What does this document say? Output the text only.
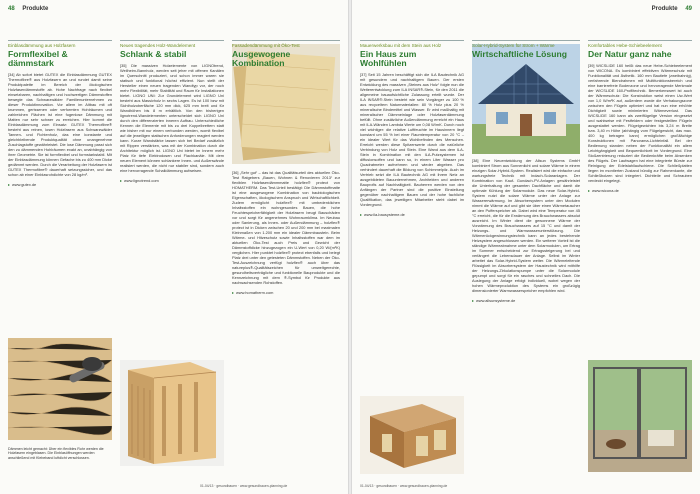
48 Produkte
Einblasdämmung aus Holzfasern
Formflexibel & dämmstark
[34] Ab sofort bietet GUTEX die Einblasdämmung GUTEX Thermofibre® aus Holzfasern an und rundet damit seine Produktpalette im Bereich der ökologischen Holzfaserdämmstoffe ab. Hohe Nachfrage nach flexibel einsetzbaren, nachhaltigen und hochwertigen Dämmstoffen bewegte das Schwarzwälder Familienunternehmen zu dieser Produktinnovation. Vor allem im Altbau mit oft krummen, gerissenen oder verformten Hohlräumen und zahlreichen Flächen ist eine fugenlose Dämmung mit Matten nur sehr schwer zu erreichen. Hier kommt die Einblasdämmung zum Einsatz: GUTEX Thermofibre® besteht aus reinen, losen Holzfasern aus Schwarzwälder Tannen- und Fichtenholz, das eine konstante und gleichbleibende Produktqualität ohne unangenehme Zuschlagstoffe gewährleistet. Die lose Dämmung passt sich den zu dämmenden Hohlräumen exakt an, unabhängig von ihrer Geometrie. Sie ist formflexibel und formstarkstabil. Mit der Einblasdämmung können Gefache bis zu 400 mm Dicke gedämmt werden. Durch die Verarbeitung der Holzfasern ist GUTEX Thermofibre® dauerhaft setzungssicher, und das schon ab einer Einblasrohdichte von 28 kg/m³.
▸ www.gutex.de
Dämmen leicht gemacht: Über ein flexibles Rohr werden die Holzfasern eingeblasen. Die Einblasöffnungen werden anschließend mit Klebeband luftdicht verschlossen.
Neues tragendes Holz-Wandelement
Schlank & stabil
[35] Die massiven Holzelemente von LIGNOtrend, Weilheim-Bannholz, werden seit jeher mit offenen Kanälen im Querschnitt produziert, und schon immer waren sie statisch und funktional höchst effizient. Nun stellt der Hersteller einen neuen tragenden Wandtyp vor, der noch mehr Flexibilität, mehr Stabilität und Raum für Installationen bietet. LIGNO UNI: Zur Grundelement wird LIGNO Uni besteht aus Massivholz in sechs Lagen. Es ist 100 bzw mit Sichtholzoberfläche 120 mm dick, 625 mm breit und für Wandhöhen bis 8 m erhältlich. Von den bisherigen lignotrend-Wandelementen unterscheidet sich LIGNO Uni durch den differenzierten inneren Aufbau. Unterschiedliche Kennen die Elemente mit bis zu drei Koppelbrettern statt wie bisher mit nur einem verbunden werden, womit flexibel auf die jeweiligen statischen Anforderungen reagiert werden kann. Kurze Wandstärke lassen sich bei Bedarf zusätzlich mit Rippen verstärken, was mit der Kombination durch die Architektur möglich ist. LIGNO Uni bietet im Innern mehr Platz für tiefe Elektrodosen und Flachkanäle. Mit dem neuen Element können schlankere Innen- und Außenwände realisiert werden, die nicht nur stabiler sind, sondern auch eine hervorragende Schalldämmung aufweisen.
▸ www.lignotrend.com
Fassadendämmung mit Öko-Test
Ausgewogene Kombination
[36] „Sehr gut“ – das ist das Qualitätsurteil des aktuellen Öko-Test Ratgebers „Bauen, Wohnen & Renovieren 2013“ zur flexiblen Holzfaserdämmmatte holzflex® protect von HOMATHERM. Das Test-Urteil bestätigt: Die Dämmstoffmatte ist eine ausgewogene Kombination von baubiologischen Eigenschaften, ökologischem Anspruch und Wirtschaftlichkeit. Zudem ermöglicht holzflex® mit umbedenklichen Inhaltsstoffen ein wohngesundes Bauen, die hohe Feuchtespeicherfähigkeit der Holzfasern beugt Bauschäden vor und sorgt für angenehmes Wohnraumklima. Im Neubau oder Sanierung, als Innen- oder Außendämmung – holzflex® protect ist in Dicken zwischen 20 und 200 mm bei maximalen Kleinmaßen von 1.200 mm ein idealer Dämmbaustein. Beim Wärme- und Hitzeschutz sowie Inhaltsstoffen war dem im aktuellen Öko-Test auch Preis und Gewicht der Dämmstoffdicke hinzugezogen ein U-Wert von 0,20 W/(m²K) verglichen. Hier punktet holzflex® protect ebenfalls und belegt Platz drei unter den getesteten Dämmstoffen. Neben der Öko-Test-Auszeichnung verfügt holzflex® auch über das natureplus®-Qualitätszeichen für umweltgerechte, gesundheitsverträgliche und funktionelle Bauprodukte und die Kennzeichnung mit dem ®-Symbol für Produkte aus nachwachsenden Rohstoffen.
▸ www.homatherm.com
01-04/13 · gesundbauen · www.gesundbauen-planning.de
Produkte 49
Mauerwerksbau mit dem Stein aus Holz
Ein Haus zum Wohlfühlen
[37] Seit 15 Jahren beschäftigt sich die ILA Bautechnik AG mit gesundem und nachhaltigem Bauen. Der ersten Entwicklung des massiven „Steines aus Holz“ folgte nun die Weiterentwicklung zum ILA INSAR®-Stein, für den 2011 die allgemeine bauaufsichtliche Zulassung erteilt wurde. Der ILA INSAR®-Stein besteht wie sein Vorgänger zu 100 % aus recyceltem Naturmaterialien: 80 % Holz plus 20 % mineralische Bindemittel und Wasser. Er wird maßhaltig mit mineralischer Dämmeinlage oder Holzfaserdämmung befüllt. Ohne zusätzliche Außendämmung erreicht ein Haus mit ILA-Wänden Lambda Werte um 0,08 W/mK. Durch noch viel wichtiger: die relative Luftfeuchte im Hausinnern liegt konstant um 55 % bei einer Raumtemperatur von 20 °C – ein idealer Wert für das Wohlbefinden des Menschen. Erreicht werden diese Spitzenwerte durch die natürliche Verbindung von Holz und Stein. Eine Wand aus dem ILA-Stein in Kombination mit den ILA-Putzsystemen ist diffusionsoffen und kann so, in einem Liter Wasser pro Quadratmeter aufnehmen und wieder abgeben. Das verhindert dauerhaft die Bildung von Schimmelpilz. Auch im Vertrieb setzt die ILA Bautechnik AG mit ihrem Netz an ausgebildeten Bauunternehmen, Architekten und anderen Bauprofis auf Nachhaltigkeit. Bauherren werden von den Anfängen der Partner sind die positive Einstellung gegenüber nachhaltigem Bauen und der hohe fachliche Qualifikation, das jeweiligen Mitarbeiter steht dabei im Vordergrund.
▸ www.ila-bausysteme.de
Solar-Hybrid-System für Strom + Wärme
Wirtschaftliche Lösung
[38] Eine Neuentwicklung der Allsun Systems GmbH kombiniert Strom aus Sonnenlicht und solare Wärme in einem einzigen Solar-Hybrid-System. Realisiert wird die einfache und wartungsfreie Technik mit Indach-Solaranlagen. Der Kombination von Kauf- Gundach-PV-Anlagen gewährleistet die Unterhaltung der gesamten Dachfläche und damit die optimale Kühlung der Solarmodule. Das neue Solar-Hybrid-System nutzt die solare Wärme unter der Anlage zur Wassererwärmung. Im Absorbersystem unter den Modulen nimmt die Wärme auf und gibt sie über einen Wärmetauscher an den Pufferspeicher ab. Dabei wird eine Temperatur von 45 °C erreicht, die für die Erwärmung des Brauchwassers absolut ausreicht. Im Winter dient die gewonnene Wärme der Vorwärmung des Brauchwassers auf 15 °C und damit der Heizungs- und Warmwasserunterstützung. Die Wärmerückgewinnungstechnik kann an jedes bestehende Heizsystem angeschlossen werden. Ein weiterer Vorteil ist die ständige Wärmeabnahme unter dem Solarmodulen, um Ertrag im Sommer entscheidend zur Ertragssteigerung bei und verlängert die Lebensdauer der Anlage. Selbst im Winter arbeitet das Solar-Hybrid-System weiter. Die Wärmeleitende Flüssigkeit im Absorbersystem der Haustechnik wird mithilfe der Heizungs-Zirkulationspumpe unter die Solarmodule gepumpt und sorgt für ein rasches und schnelles Dach. Die Auslegung der Anlage erfolgt individuell, wobei wegen der hohen Wärmeproduktion des Systems ein großzügig dimensionierter Warmwasserspeicher empfohlen wird.
▸ www.allsunsysteme.de
Komfortables Hebe-Schiebeelement
Der Natur ganz nahe
[39] WICSLIDE 160 heißt das neue Hebe-Schiebeelement von WICONA. Es kombiniert effektiven Wärmeschutz mit Funktionalität und Ästhetik. 160 mm Bautiefe (zweibahnig), verfahrende Blendrahmen mit Multifunktionsbereich und eine barrierefreie Bodenzone und hervorragende Merkmale der WICSLIDE 160-Profiltechnik. Bemerkenswert ist auch der Wärmeschutz: Die Konstruktion weist einen Uw-Wert von 1,0 W/m²K auf, außerdem wurde die Verhakungszone zwischen den Flügeln optimiert und hat nun eine erhöhte Dichtigkeit sowie minimierten Wärmeverlust. Das WICSLIDE 160 kann als zweiflügelige Version eingesetzt und wahlweise mit Festfeldern oder festgestellten Flügeln ausgestattet werden. Flügelgewichten bis 3,24 m Breite bzw. 3,40 m Höhe (abhängig vom Flügelgewicht, das max. 400 kg betragen kann) ermöglichen großflächige Konstruktionen mit Panorama-Lichteinfall. Bei der Bedienung standen neben der Funktionalität ein allem Leichtgängigkeit und Bequemlichkeit im Vordergrund. Eine Stoßzentrierung reduziert die Bedienkräfte beim Absenken des Flügels. Der Laufwagen hat eine integrierte Bürste zur Reinigung der Edelstahllaufschiene. Die Schließplatten liegen im montierten Zustand bündig zur Rahmenkante, die Schließbolzen sind integriert. Dichtteile und Schrauben verdeckt eingelegt.
▸ www.wicona.de
01-04/13 · gesundbauen · www.gesundbauen-planning.de
